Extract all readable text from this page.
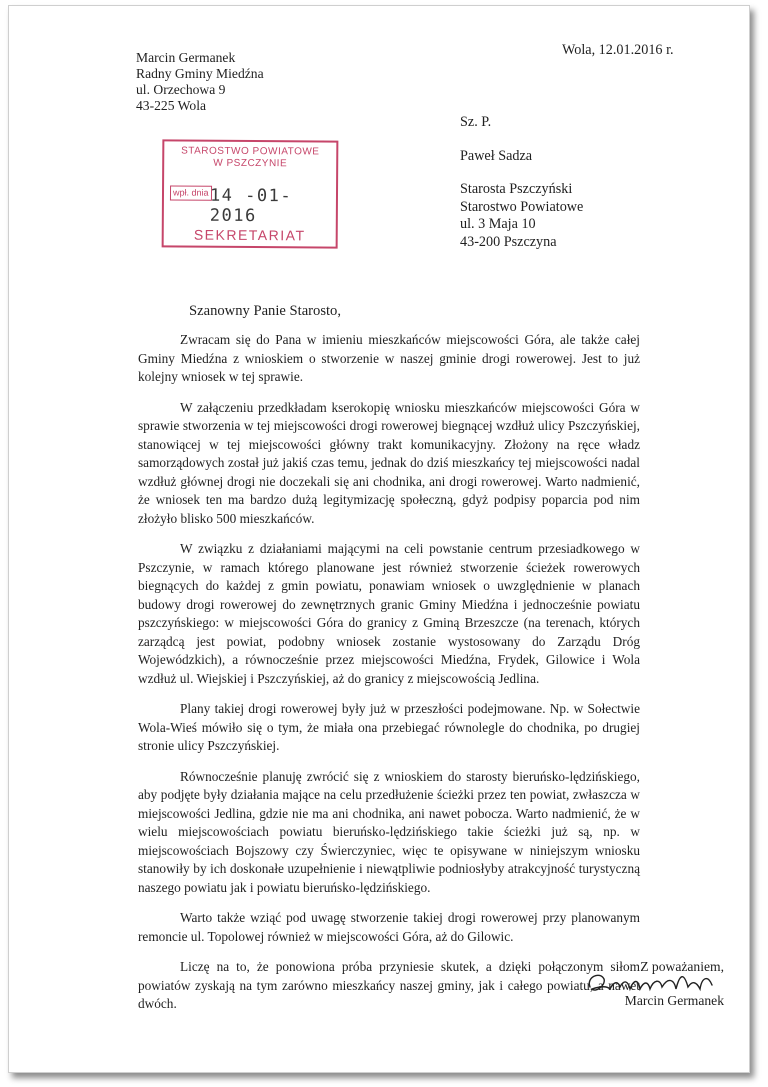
Marcin Germanek
Radny Gminy Miedźna
ul. Orzechowa 9
43-225 Wola
Wola, 12.01.2016 r.
Sz. P.
Paweł Sadza
Starosta Pszczyński
Starostwo Powiatowe
ul. 3 Maja 10
43-200 Pszczyna
STAROSTWO POWIATOWE
W PSZCZYNIE
wpł. dnia 14 -01- 2016
SEKRETARIAT
Szanowny Panie Starosto,

Zwracam się do Pana w imieniu mieszkańców miejscowości Góra, ale także całej Gminy Miedźna z wnioskiem o stworzenie w naszej gminie drogi rowerowej. Jest to już kolejny wniosek w tej sprawie.

W załączeniu przedkładam kserokopię wniosku mieszkańców miejscowości Góra w sprawie stworzenia w tej miejscowości drogi rowerowej biegnącej wzdłuż ulicy Pszczyńskiej, stanowiącej w tej miejscowości główny trakt komunikacyjny. Złożony na ręce władz samorządowych został już jakiś czas temu, jednak do dziś mieszkańcy tej miejscowości nadal wzdłuż głównej drogi nie doczekali się ani chodnika, ani drogi rowerowej. Warto nadmienić, że wniosek ten ma bardzo dużą legitymizację społeczną, gdyż podpisy poparcia pod nim złożyło blisko 500 mieszkańców.

W związku z działaniami mającymi na celi powstanie centrum przesiadkowego w Pszczynie, w ramach którego planowane jest również stworzenie ścieżek rowerowych biegnących do każdej z gmin powiatu, ponawiam wniosek o uwzględnienie w planach budowy drogi rowerowej do zewnętrznych granic Gminy Miedźna i jednocześnie powiatu pszczyńskiego: w miejscowości Góra do granicy z Gminą Brzeszcze (na terenach, których zarządcą jest powiat, podobny wniosek zostanie wystosowany do Zarządu Dróg Wojewódzkich), a równocześnie przez miejscowości Miedźna, Frydek, Gilowice i Wola wzdłuż ul. Wiejskiej i Pszczyńskiej, aż do granicy z miejscowością Jedlina.

Plany takiej drogi rowerowej były już w przeszłości podejmowane. Np. w Sołectwie Wola-Wieś mówiło się o tym, że miała ona przebiegać równolegle do chodnika, po drugiej stronie ulicy Pszczyńskiej.

Równocześnie planuję zwrócić się z wnioskiem do starosty bieruńsko-lędzińskiego, aby podjęte były działania mające na celu przedłużenie ścieżki przez ten powiat, zwłaszcza w miejscowości Jedlina, gdzie nie ma ani chodnika, ani nawet pobocza. Warto nadmienić, że w wielu miejscowościach powiatu bieruńsko-lędzińskiego takie ścieżki już są, np. w miejscowościach Bojszowy czy Świerczyniec, więc te opisywane w niniejszym wniosku stanowiły by ich doskonałe uzupełnienie i niewątpliwie podniosłyby atrakcyjność turystyczną naszego powiatu jak i powiatu bieruńsko-lędzińskiego.

Warto także wziąć pod uwagę stworzenie takiej drogi rowerowej przy planowanym remoncie ul. Topolowej również w miejscowości Góra, aż do Gilowic.

Liczę na to, że ponowiona próba przyniesie skutek, a dzięki połączonym siłom powiatów zyskają na tym zarówno mieszkańcy naszej gminy, jak i całego powiatu, a nawet dwóch.

Z poważaniem,
Marcin Germanek
